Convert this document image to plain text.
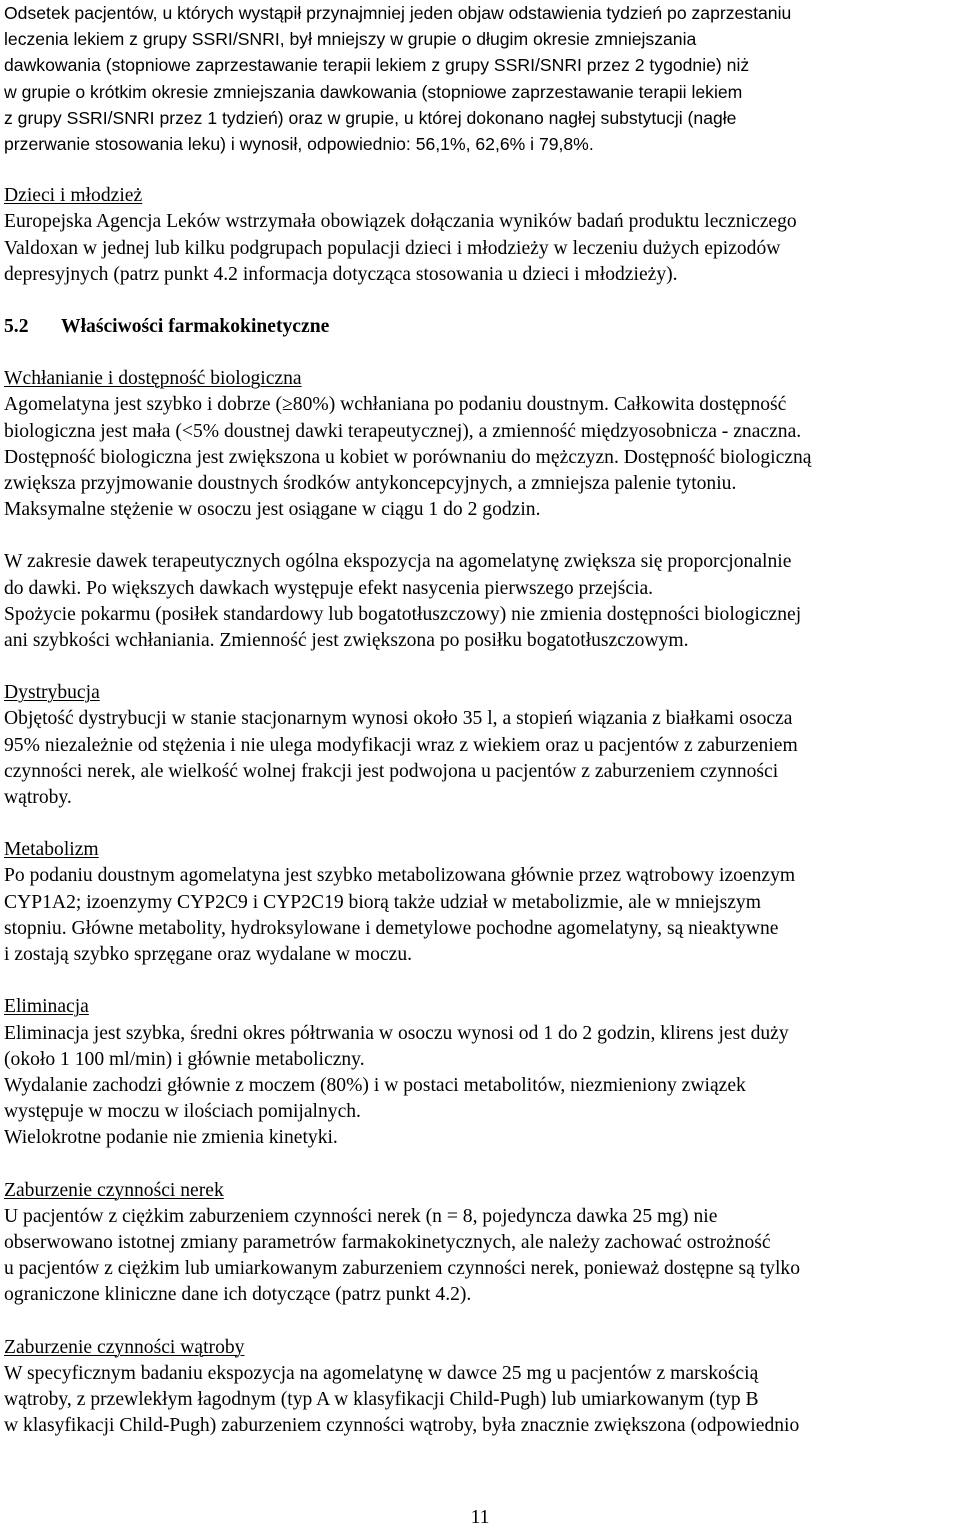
Odsetek pacjentów, u których wystąpił przynajmniej jeden objaw odstawienia tydzień po zaprzestaniu

leczenia lekiem z grupy SSRI/SNRI, był mniejszy w grupie o długim okresie zmniejszania

dawkowania (stopniowe zaprzestawanie terapii lekiem z grupy SSRI/SNRI przez 2 tygodnie) niż

w grupie o krótkim okresie zmniejszania dawkowania (stopniowe zaprzestawanie terapii lekiem

z grupy SSRI/SNRI przez 1 tydzień) oraz w grupie, u której dokonano nagłej substytucji (nagłe

przerwanie stosowania leku) i wynosił, odpowiednio: 56,1%, 62,6% i 79,8%.

Dzieci i młodzież

Europejska Agencja Leków wstrzymała obowiązek dołączania wyników badań produktu leczniczego

Valdoxan w jednej lub kilku podgrupach populacji dzieci i młodzieży w leczeniu dużych epizodów

depresyjnych (patrz punkt 4.2 informacja dotycząca stosowania u dzieci i młodzieży).

5.2 Właściwości farmakokinetyczne

Wchłanianie i dostępność biologiczna

Agomelatyna jest szybko i dobrze (≥80%) wchłaniana po podaniu doustnym. Całkowita dostępność

biologiczna jest mała (<5% doustnej dawki terapeutycznej), a zmienność międzyosobnicza - znaczna.

Dostępność biologiczna jest zwiększona u kobiet w porównaniu do mężczyzn. Dostępność biologiczną

zwiększa przyjmowanie doustnych środków antykoncepcyjnych, a zmniejsza palenie tytoniu.

Maksymalne stężenie w osoczu jest osiągane w ciągu 1 do 2 godzin.

W zakresie dawek terapeutycznych ogólna ekspozycja na agomelatynę zwiększa się proporcjonalnie

do dawki. Po większych dawkach występuje efekt nasycenia pierwszego przejścia.

Spożycie pokarmu (posiłek standardowy lub bogatotłuszczowy) nie zmienia dostępności biologicznej

ani szybkości wchłaniania. Zmienność jest zwiększona po posiłku bogatotłuszczowym.

Dystrybucja

Objętość dystrybucji w stanie stacjonarnym wynosi około 35 l, a stopień wiązania z białkami osocza

95% niezależnie od stężenia i nie ulega modyfikacji wraz z wiekiem oraz u pacjentów z zaburzeniem

czynności nerek, ale wielkość wolnej frakcji jest podwojona u pacjentów z zaburzeniem czynności

wątroby.

Metabolizm

Po podaniu doustnym agomelatyna jest szybko metabolizowana głównie przez wątrobowy izoenzym

CYP1A2; izoenzymy CYP2C9 i CYP2C19 biorą także udział w metabolizmie, ale w mniejszym

stopniu. Główne metabolity, hydroksylowane i demetylowe pochodne agomelatyny, są nieaktywne

i zostają szybko sprzęgane oraz wydalane w moczu.

Eliminacja

Eliminacja jest szybka, średni okres półtrwania w osoczu wynosi od 1 do 2 godzin, klirens jest duży

(około 1 100 ml/min) i głównie metaboliczny.

Wydalanie zachodzi głównie z moczem (80%) i w postaci metabolitów, niezmieniony związek

występuje w moczu w ilościach pomijalnych.

Wielokrotne podanie nie zmienia kinetyki.

Zaburzenie czynności nerek

U pacjentów z ciężkim zaburzeniem czynności nerek (n = 8, pojedyncza dawka 25 mg) nie

obserwowano istotnej zmiany parametrów farmakokinetycznych, ale należy zachować ostrożność

u pacjentów z ciężkim lub umiarkowanym zaburzeniem czynności nerek, ponieważ dostępne są tylko

ograniczone kliniczne dane ich dotyczące (patrz punkt 4.2).

Zaburzenie czynności wątroby

W specyficznym badaniu ekspozycja na agomelatynę w dawce 25 mg u pacjentów z marskością

wątroby, z przewlekłym łagodnym (typ A w klasyfikacji Child-Pugh) lub umiarkowanym (typ B

w klasyfikacji Child-Pugh) zaburzeniem czynności wątroby, była znacznie zwiększona (odpowiednio

11
